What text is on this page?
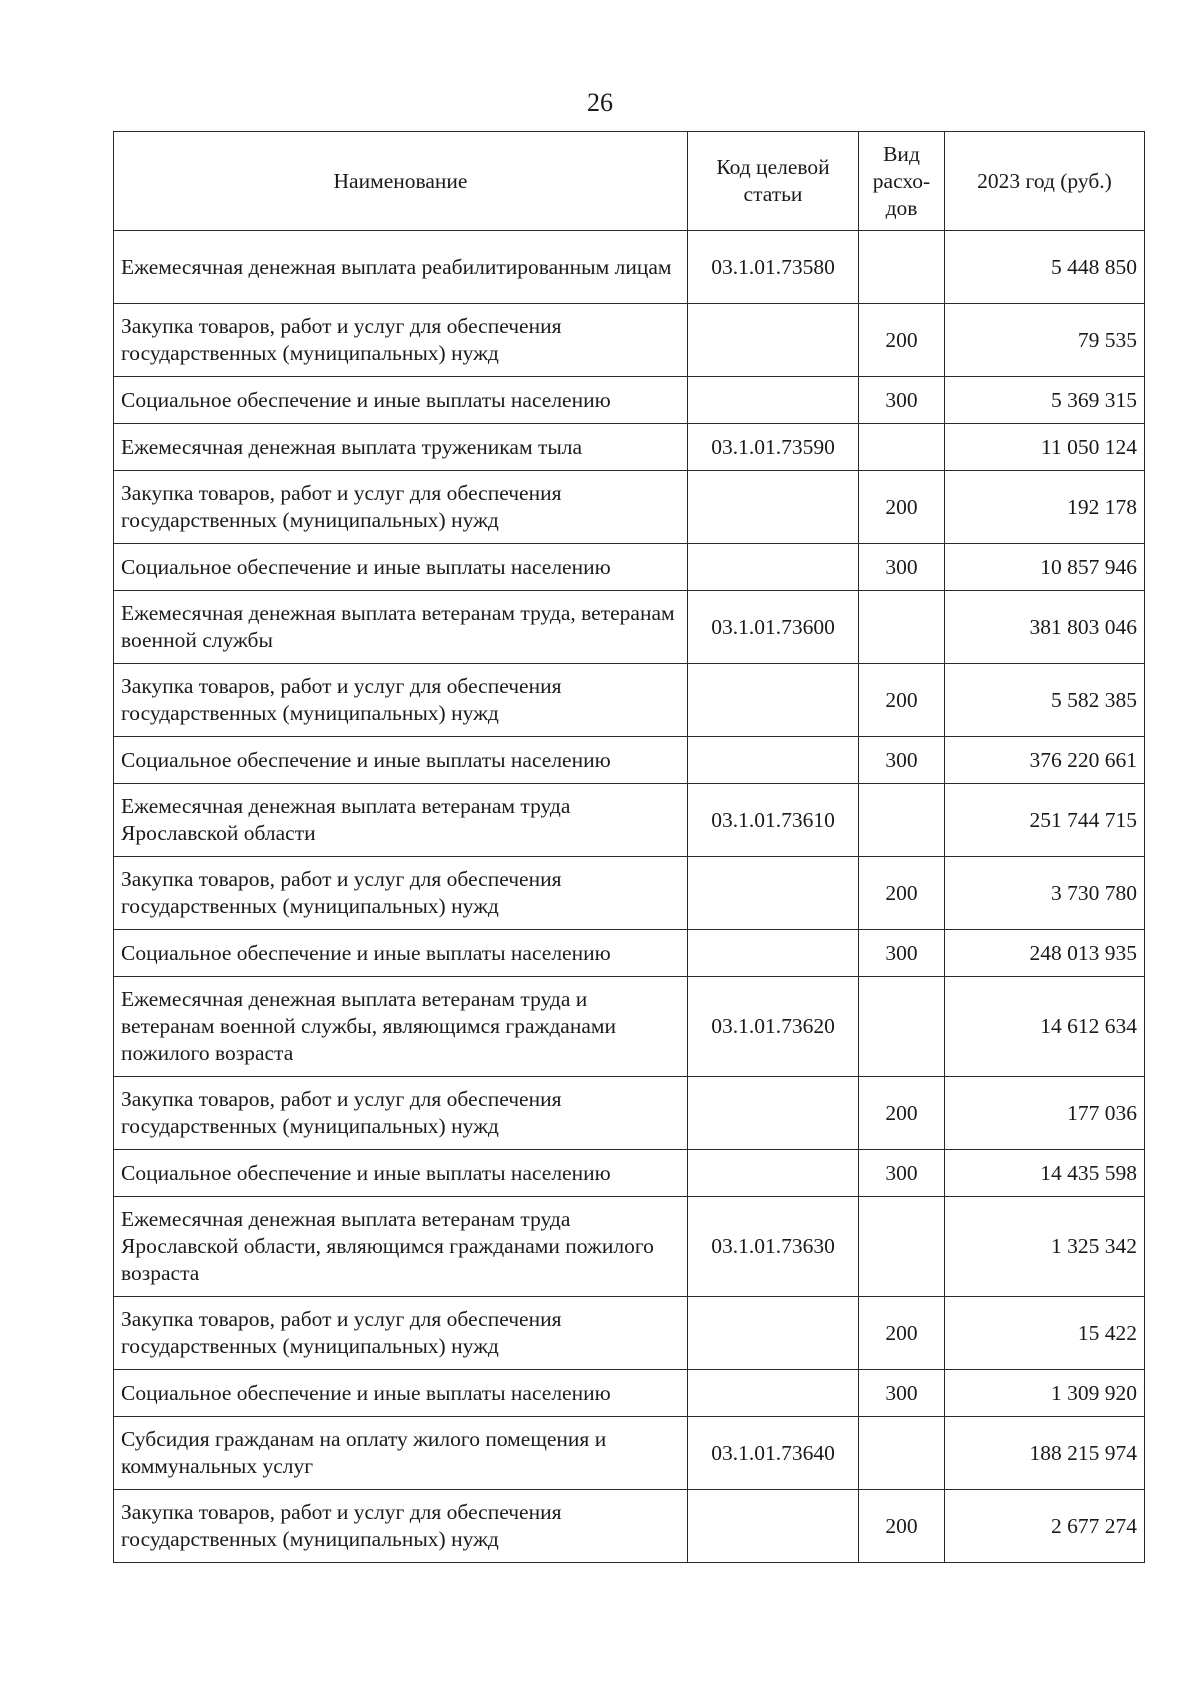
26
Наименование	Код целевой статьи	Вид расхо-дов	2023 год (руб.)
Ежемесячная денежная выплата реабилитированным лицам	03.1.01.73580		5 448 850
Закупка товаров, работ и услуг для обеспечения государственных (муниципальных) нужд		200	79 535
Социальное обеспечение и иные выплаты населению		300	5 369 315
Ежемесячная денежная выплата труженикам тыла	03.1.01.73590		11 050 124
Закупка товаров, работ и услуг для обеспечения государственных (муниципальных) нужд		200	192 178
Социальное обеспечение и иные выплаты населению		300	10 857 946
Ежемесячная денежная выплата ветеранам труда, ветеранам военной службы	03.1.01.73600		381 803 046
Закупка товаров, работ и услуг для обеспечения государственных (муниципальных) нужд		200	5 582 385
Социальное обеспечение и иные выплаты населению		300	376 220 661
Ежемесячная денежная выплата ветеранам труда Ярославской области	03.1.01.73610		251 744 715
Закупка товаров, работ и услуг для обеспечения государственных (муниципальных) нужд		200	3 730 780
Социальное обеспечение и иные выплаты населению		300	248 013 935
Ежемесячная денежная выплата ветеранам труда и ветеранам военной службы, являющимся гражданами пожилого возраста	03.1.01.73620		14 612 634
Закупка товаров, работ и услуг для обеспечения государственных (муниципальных) нужд		200	177 036
Социальное обеспечение и иные выплаты населению		300	14 435 598
Ежемесячная денежная выплата ветеранам труда Ярославской области, являющимся гражданами пожилого возраста	03.1.01.73630		1 325 342
Закупка товаров, работ и услуг для обеспечения государственных (муниципальных) нужд		200	15 422
Социальное обеспечение и иные выплаты населению		300	1 309 920
Субсидия гражданам на оплату жилого помещения и коммунальных услуг	03.1.01.73640		188 215 974
Закупка товаров, работ и услуг для обеспечения государственных (муниципальных) нужд		200	2 677 274
